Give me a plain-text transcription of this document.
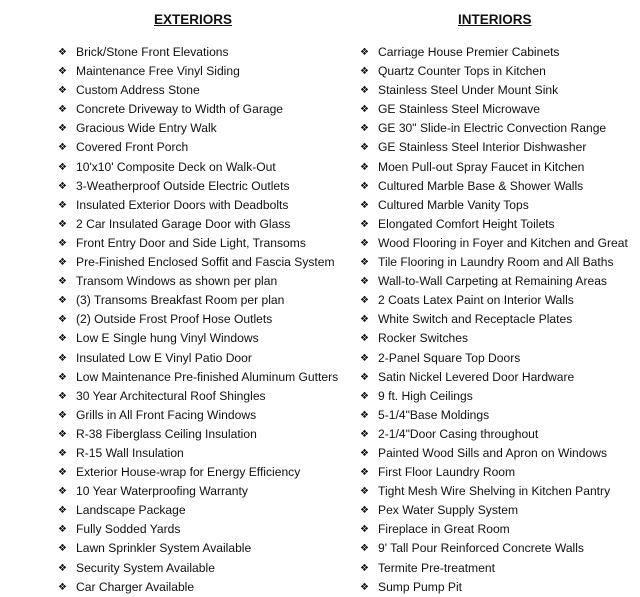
EXTERIORS
❖ Brick/Stone Front Elevations
❖ Maintenance Free Vinyl Siding
❖ Custom Address Stone
❖ Concrete Driveway to Width of Garage
❖ Gracious Wide Entry Walk
❖ Covered Front Porch
❖ 10'x10' Composite Deck on Walk-Out
❖ 3-Weatherproof Outside Electric Outlets
❖ Insulated Exterior Doors with Deadbolts
❖ 2 Car Insulated Garage Door with Glass
❖ Front Entry Door and Side Light, Transoms
❖ Pre-Finished Enclosed Soffit and Fascia System
❖ Transom Windows as shown per plan
❖ (3) Transoms Breakfast Room per plan
❖ (2) Outside Frost Proof Hose Outlets
❖ Low E Single hung Vinyl Windows
❖ Insulated Low E Vinyl Patio Door
❖ Low Maintenance Pre-finished Aluminum Gutters
❖ 30 Year Architectural Roof Shingles
❖ Grills in All Front Facing Windows
❖ R-38 Fiberglass Ceiling Insulation
❖ R-15 Wall Insulation
❖ Exterior House-wrap for Energy Efficiency
❖ 10 Year Waterproofing Warranty
❖ Landscape Package
❖ Fully Sodded Yards
❖ Lawn Sprinkler System Available
❖ Security System Available
❖ Car Charger Available
INTERIORS
❖ Carriage House Premier Cabinets
❖ Quartz Counter Tops in Kitchen
❖ Stainless Steel Under Mount Sink
❖ GE Stainless Steel Microwave
❖ GE 30" Slide-in Electric Convection Range
❖ GE Stainless Steel Interior Dishwasher
❖ Moen Pull-out Spray Faucet in Kitchen
❖ Cultured Marble Base & Shower Walls
❖ Cultured Marble Vanity Tops
❖ Elongated Comfort Height Toilets
❖ Wood Flooring in Foyer and Kitchen and Great
❖ Tile Flooring in Laundry Room and All Baths
❖ Wall-to-Wall Carpeting at Remaining Areas
❖ 2 Coats Latex Paint on Interior Walls
❖ White Switch and Receptacle Plates
❖ Rocker Switches
❖ 2-Panel Square Top Doors
❖ Satin Nickel Levered Door Hardware
❖ 9 ft. High Ceilings
❖ 5-1/4"Base Moldings
❖ 2-1/4"Door Casing throughout
❖ Painted Wood Sills and Apron on Windows
❖ First Floor Laundry Room
❖ Tight Mesh Wire Shelving in Kitchen Pantry
❖ Pex Water Supply System
❖ Fireplace in Great Room
❖ 9' Tall Pour Reinforced Concrete Walls
❖ Termite Pre-treatment
❖ Sump Pump Pit
